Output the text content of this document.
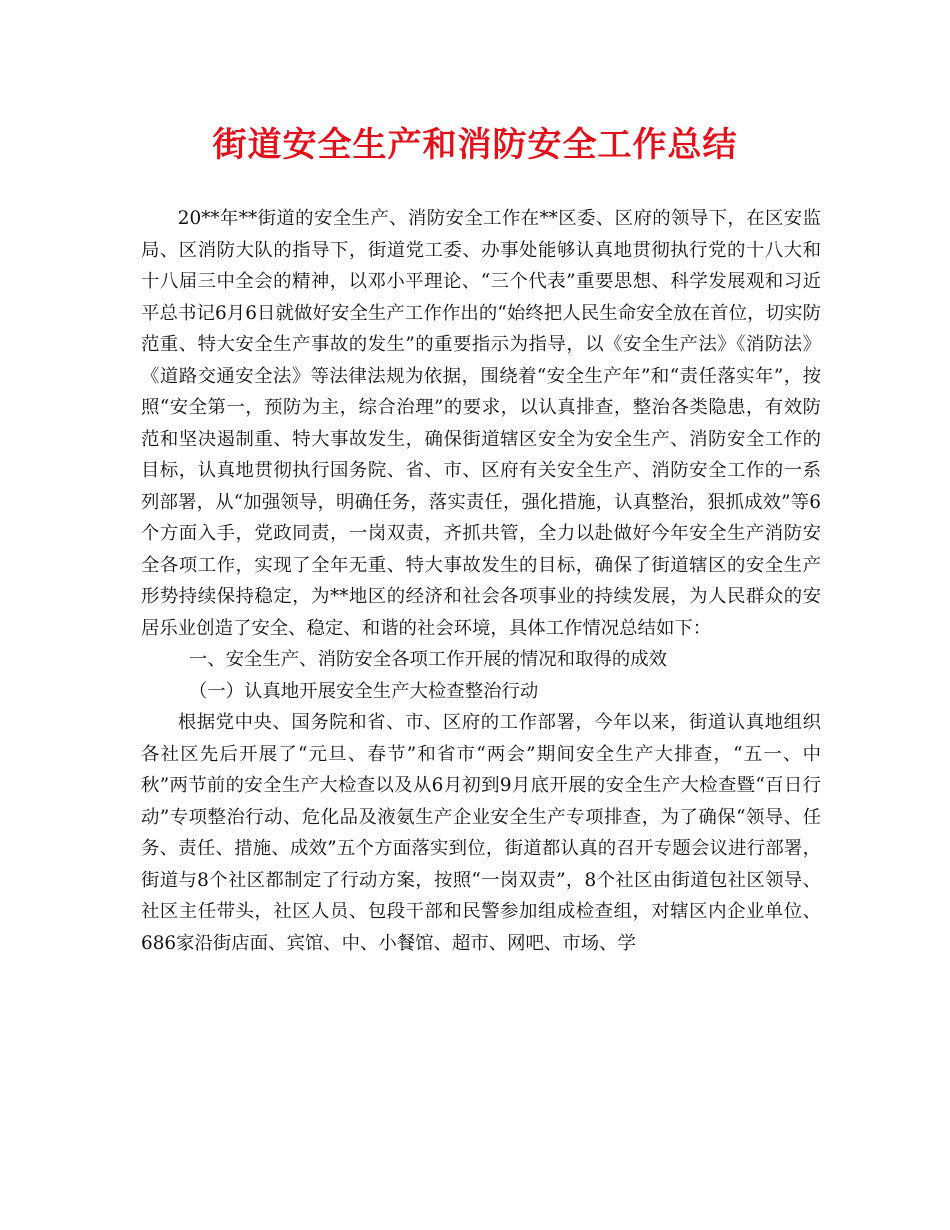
街道安全生产和消防安全工作总结

20**年**街道的安全生产、消防安全工作在**区委、区府的领导下，在区安监局、区消防大队的指导下，街道党工委、办事处能够认真地贯彻执行党的十八大和十八届三中全会的精神，以邓小平理论、“三个代表”重要思想、科学发展观和习近平总书记6月6日就做好安全生产工作作出的“始终把人民生命安全放在首位，切实防范重、特大安全生产事故的发生”的重要指示为指导，以《安全生产法》《消防法》《道路交通安全法》等法律法规为依据，围绕着“安全生产年”和“责任落实年”，按照“安全第一，预防为主，综合治理”的要求，以认真排查，整治各类隐患，有效防范和坚决遏制重、特大事故发生，确保街道辖区安全为安全生产、消防安全工作的目标，认真地贯彻执行国务院、省、市、区府有关安全生产、消防安全工作的一系列部署，从“加强领导，明确任务，落实责任，强化措施，认真整治，狠抓成效”等6个方面入手，党政同责，一岗双责，齐抓共管，全力以赴做好今年安全生产消防安全各项工作，实现了全年无重、特大事故发生的目标，确保了街道辖区的安全生产形势持续保持稳定，为**地区的经济和社会各项事业的持续发展，为人民群众的安居乐业创造了安全、稳定、和谐的社会环境，具体工作情况总结如下：

一、安全生产、消防安全各项工作开展的情况和取得的成效

（一）认真地开展安全生产大检查整治行动

根据党中央、国务院和省、市、区府的工作部署，今年以来，街道认真地组织各社区先后开展了“元旦、春节”和省市“两会”期间安全生产大排查，“五一、中秋”两节前的安全生产大检查以及从6月初到9月底开展的安全生产大检查暨“百日行动”专项整治行动、危化品及液氨生产企业安全生产专项排查，为了确保“领导、任务、责任、措施、成效”五个方面落实到位，街道都认真的召开专题会议进行部署，街道与8个社区都制定了行动方案，按照“一岗双责”，8个社区由街道包社区领导、社区主任带头，社区人员、包段干部和民警参加组成检查组，对辖区内企业单位、686家沿街店面、宾馆、中、小餐馆、超市、网吧、市场、学
